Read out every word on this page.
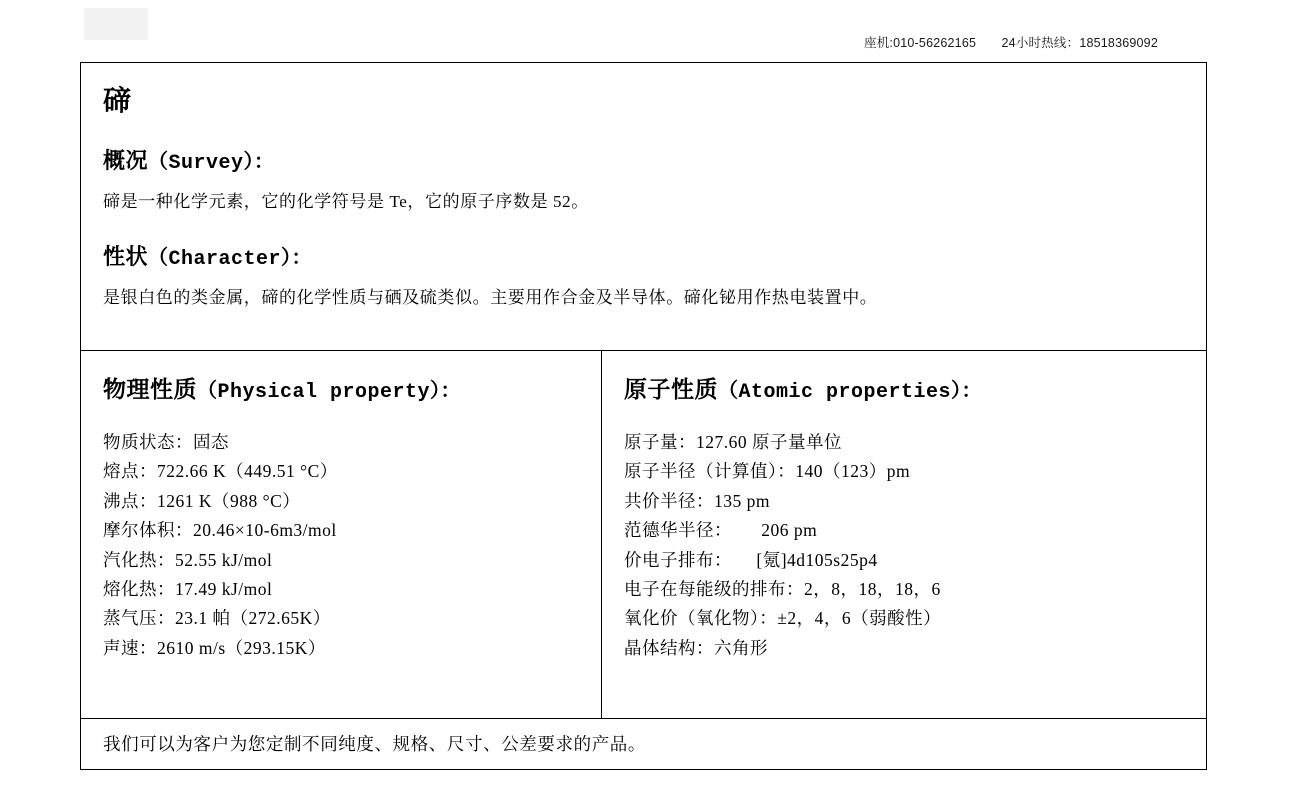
座机:010-56262165 24小时热线：18518369092
碲
概况（Survey）：

碲是一种化学元素，它的化学符号是 Te，它的原子序数是 52。

性状（Character）：

是银白色的类金属，碲的化学性质与硒及硫类似。主要用作合金及半导体。碲化铋用作热电装置中。

物理性质（Physical property）：
物质状态：固态
熔点：722.66 K（449.51 °C）
沸点：1261 K（988 °C）
摩尔体积：20.46×10-6m3/mol
汽化热：52.55 kJ/mol
熔化热：17.49 kJ/mol
蒸气压：23.1 帕（272.65K）
声速：2610 m/s（293.15K）
原子性质（Atomic properties）：
原子量：127.60 原子量单位
原子半径（计算值）：140（123）pm
共价半径：135 pm
范德华半径：      206 pm
价电子排布：     [氪]4d105s25p4
电子在每能级的排布：2，8，18，18，6
氧化价（氧化物）：±2，4，6（弱酸性）
晶体结构：六角形
我们可以为客户为您定制不同纯度、规格、尺寸、公差要求的产品。
